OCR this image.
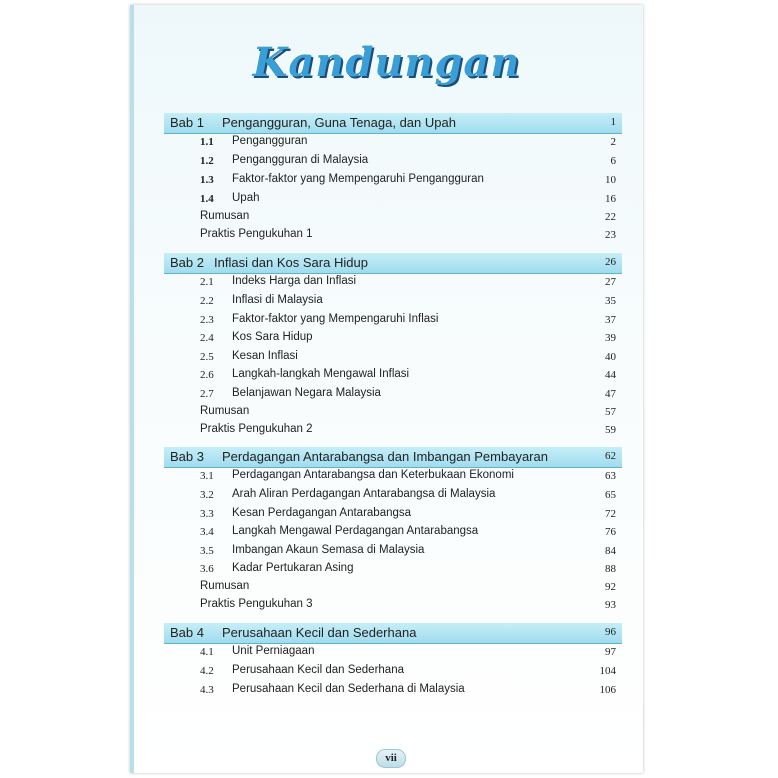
Kandungan
Bab 1 Pengangguran, Guna Tenaga, dan Upah	1
1.1 Pengangguran	2
1.2 Pengangguran di Malaysia	6
1.3 Faktor-faktor yang Mempengaruhi Pengangguran	10
1.4 Upah	16
Rumusan	22
Praktis Pengukuhan 1	23
Bab 2 Inflasi dan Kos Sara Hidup	26
2.1 Indeks Harga dan Inflasi	27
2.2 Inflasi di Malaysia	35
2.3 Faktor-faktor yang Mempengaruhi Inflasi	37
2.4 Kos Sara Hidup	39
2.5 Kesan Inflasi	40
2.6 Langkah-langkah Mengawal Inflasi	44
2.7 Belanjawan Negara Malaysia	47
Rumusan	57
Praktis Pengukuhan 2	59
Bab 3 Perdagangan Antarabangsa dan Imbangan Pembayaran	62
3.1 Perdagangan Antarabangsa dan Keterbukaan Ekonomi	63
3.2 Arah Aliran Perdagangan Antarabangsa di Malaysia	65
3.3 Kesan Perdagangan Antarabangsa	72
3.4 Langkah Mengawal Perdagangan Antarabangsa	76
3.5 Imbangan Akaun Semasa di Malaysia	84
3.6 Kadar Pertukaran Asing	88
Rumusan	92
Praktis Pengukuhan 3	93
Bab 4 Perusahaan Kecil dan Sederhana	96
4.1 Unit Perniagaan	97
4.2 Perusahaan Kecil dan Sederhana	104
4.3 Perusahaan Kecil dan Sederhana di Malaysia	106
vii
